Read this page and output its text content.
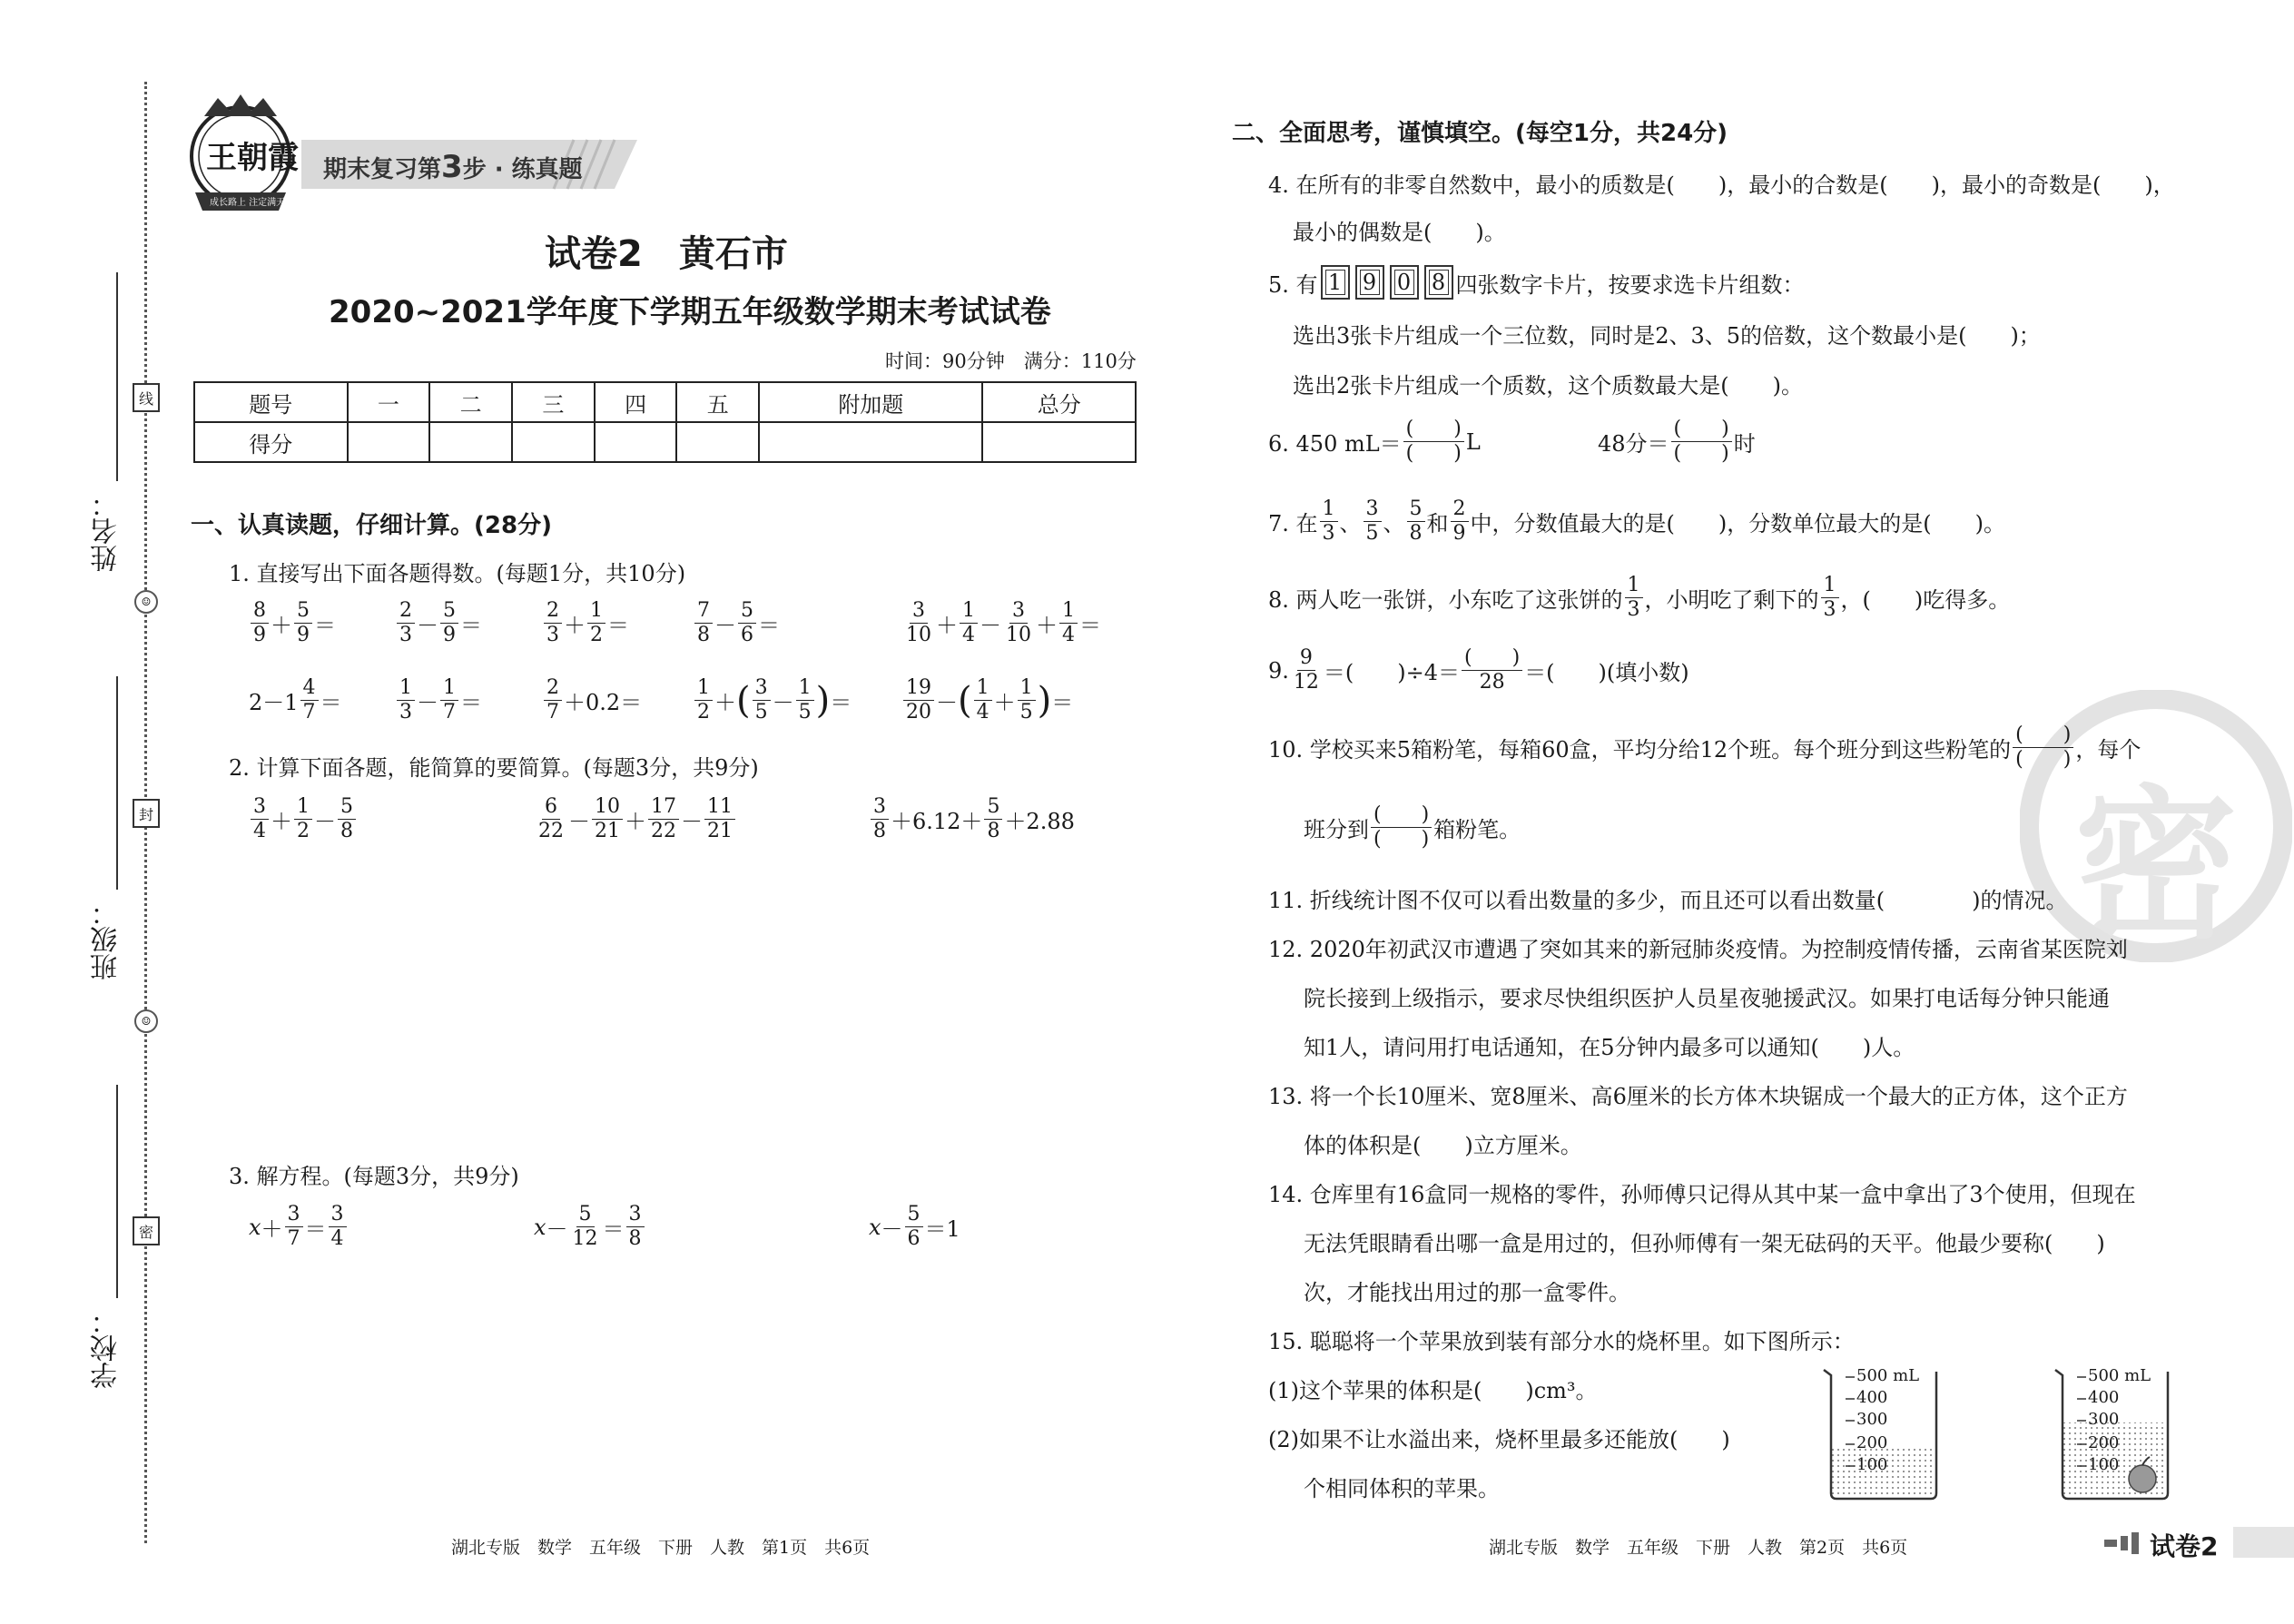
姓名：
班级：
学校：
线
☺
封
☺
密
王朝霞
成长路上 注定满天
期末复习第3步 · 练真题
试卷2　黄石市
2020~2021学年度下学期五年级数学期末考试试卷
时间：90分钟　满分：110分
题号	一	二	三	四	五	附加题	总分
得分							
一、认真读题，仔细计算。(28分)
1. 直接写出下面各题得数。(每题1分，共10分)
8
9 ＋
5
9 ＝
2
3 －
5
9 ＝
2
3 ＋
1
2 ＝
7
8 －
5
6 ＝
3
10 ＋
1
4 －
3
10 ＋
1
4 ＝
2－1
4
7 ＝
1
3 －
1
7 ＝
2
7 ＋0.2＝
1
2 ＋ ( 3
5 －
1
5 ) ＝
19
20 － ( 1
4 ＋
1
5 ) ＝
2. 计算下面各题，能简算的要简算。(每题3分，共9分)
3
4 ＋
1
2 －
5
8
6
22 －
10
21 ＋
17
22 －
11
21
3
8 ＋6.12＋
5
8 ＋2.88
3. 解方程。(每题3分，共9分)
x ＋
3
7 ＝
3
4	x －
5
12 ＝
3
8	x －
5
6 ＝1
密
二、全面思考，谨慎填空。(每空1分，共24分)
4. 在所有的非零自然数中，最小的质数是(　　)，最小的合数是(　　)，最小的奇数是(　　)，
最小的偶数是(　　)。
5. 有 1 9 0 8 四张数字卡片，按要求选卡片组数：
选出3张卡片组成一个三位数，同时是2、3、5的倍数，这个数最小是(　　)；
选出2张卡片组成一个质数，这个质数最大是(　　)。
6. 450 mL＝
(　　)
(　　) L	48分＝
(　　)
(　　) 时
7. 在
1
3 、
3
5 、
5
8 和
2
9 中，分数值最大的是(　　)，分数单位最大的是(　　)。
8. 两人吃一张饼，小东吃了这张饼的
1
3 ，小明吃了剩下的
1
3 ，(　　)吃得多。
9. 9
12 ＝(　　)÷4＝
(　　)
28 ＝(　　)(填小数)
10. 学校买来5箱粉笔，每箱60盒，平均分给12个班。每个班分到这些粉笔的
(　　)
(　　) ，每个
班分到
(　　)
(　　) 箱粉笔。
11. 折线统计图不仅可以看出数量的多少，而且还可以看出数量(　　　　)的情况。
12. 2020年初武汉市遭遇了突如其来的新冠肺炎疫情。为控制疫情传播，云南省某医院刘
院长接到上级指示，要求尽快组织医护人员星夜驰援武汉。如果打电话每分钟只能通
知1人，请问用打电话通知，在5分钟内最多可以通知(　　)人。
13. 将一个长10厘米、宽8厘米、高6厘米的长方体木块锯成一个最大的正方体，这个正方
体的体积是(　　)立方厘米。
14. 仓库里有16盒同一规格的零件，孙师傅只记得从其中某一盒中拿出了3个使用，但现在
无法凭眼睛看出哪一盒是用过的，但孙师傅有一架无砝码的天平。他最少要称(　　)
次，才能找出用过的那一盒零件。
15. 聪聪将一个苹果放到装有部分水的烧杯里。如下图所示：
(1)这个苹果的体积是(　　)cm³。
(2)如果不让水溢出来，烧杯里最多还能放(　　)
个相同体积的苹果。
500 mL
400
300
200
100
500 mL
400
300
200
100
湖北专版　数学　五年级　下册　人教　第1页　共6页	湖北专版　数学　五年级　下册　人教　第2页　共6页	试卷2
